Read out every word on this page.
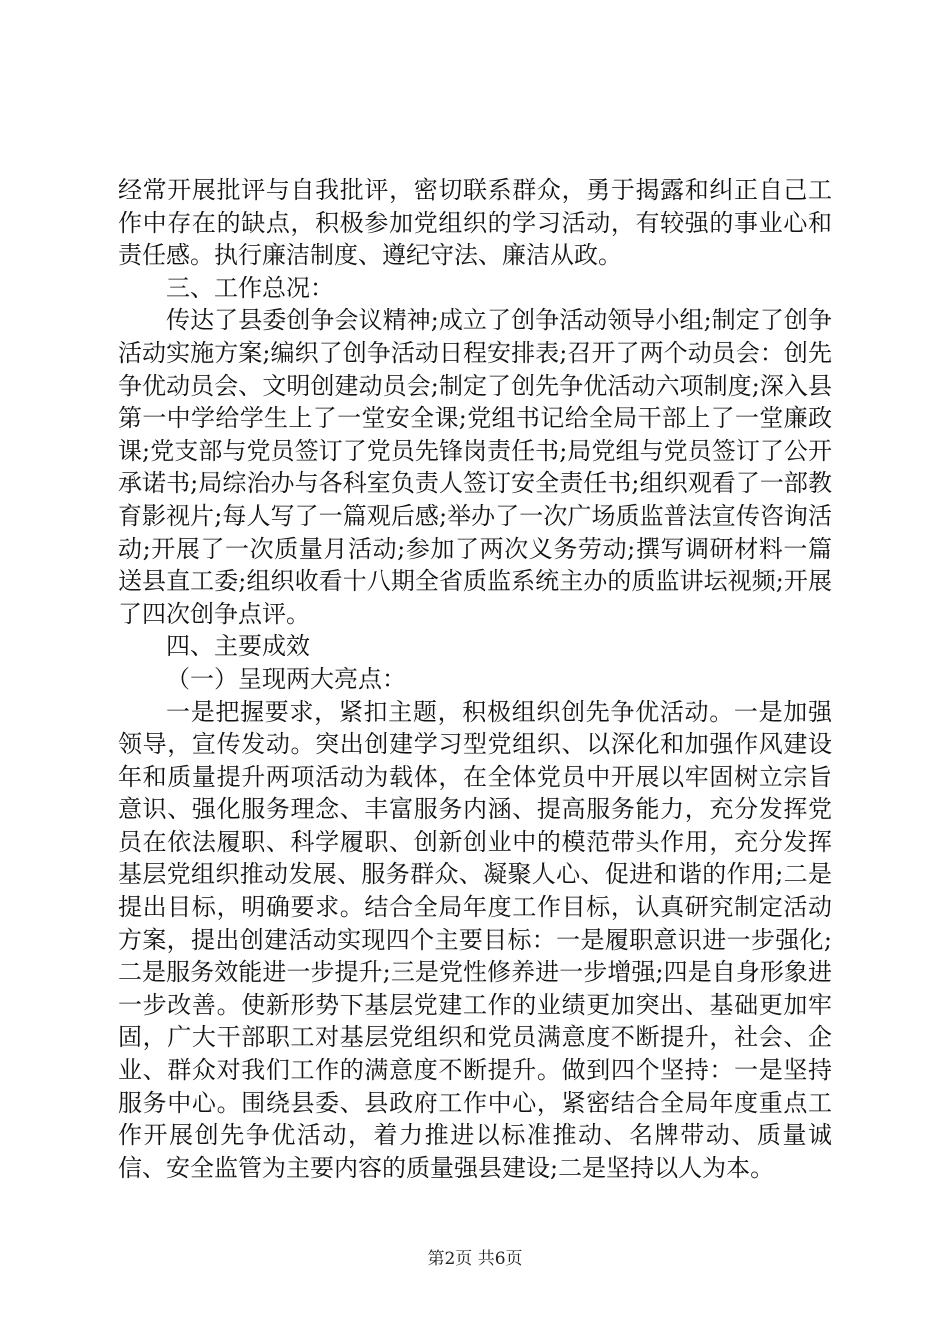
经常开展批评与自我批评，密切联系群众，勇于揭露和纠正自己工作中存在的缺点，积极参加党组织的学习活动，有较强的事业心和责任感。执行廉洁制度、遵纪守法、廉洁从政。

三、工作总况：

传达了县委创争会议精神;成立了创争活动领导小组;制定了创争活动实施方案;编织了创争活动日程安排表;召开了两个动员会：创先争优动员会、文明创建动员会;制定了创先争优活动六项制度;深入县第一中学给学生上了一堂安全课;党组书记给全局干部上了一堂廉政课;党支部与党员签订了党员先锋岗责任书;局党组与党员签订了公开承诺书;局综治办与各科室负责人签订安全责任书;组织观看了一部教育影视片;每人写了一篇观后感;举办了一次广场质监普法宣传咨询活动;开展了一次质量月活动;参加了两次义务劳动;撰写调研材料一篇送县直工委;组织收看十八期全省质监系统主办的质监讲坛视频;开展了四次创争点评。

四、主要成效

（一）呈现两大亮点：

一是把握要求，紧扣主题，积极组织创先争优活动。一是加强领导，宣传发动。突出创建学习型党组织、以深化和加强作风建设年和质量提升两项活动为载体，在全体党员中开展以牢固树立宗旨意识、强化服务理念、丰富服务内涵、提高服务能力，充分发挥党员在依法履职、科学履职、创新创业中的模范带头作用，充分发挥基层党组织推动发展、服务群众、凝聚人心、促进和谐的作用;二是提出目标，明确要求。结合全局年度工作目标，认真研究制定活动方案，提出创建活动实现四个主要目标：一是履职意识进一步强化;二是服务效能进一步提升;三是党性修养进一步增强;四是自身形象进一步改善。使新形势下基层党建工作的业绩更加突出、基础更加牢固，广大干部职工对基层党组织和党员满意度不断提升，社会、企业、群众对我们工作的满意度不断提升。做到四个坚持：一是坚持服务中心。围绕县委、县政府工作中心，紧密结合全局年度重点工作开展创先争优活动，着力推进以标准推动、名牌带动、质量诚信、安全监管为主要内容的质量强县建设;二是坚持以人为本。

第2页 共6页
